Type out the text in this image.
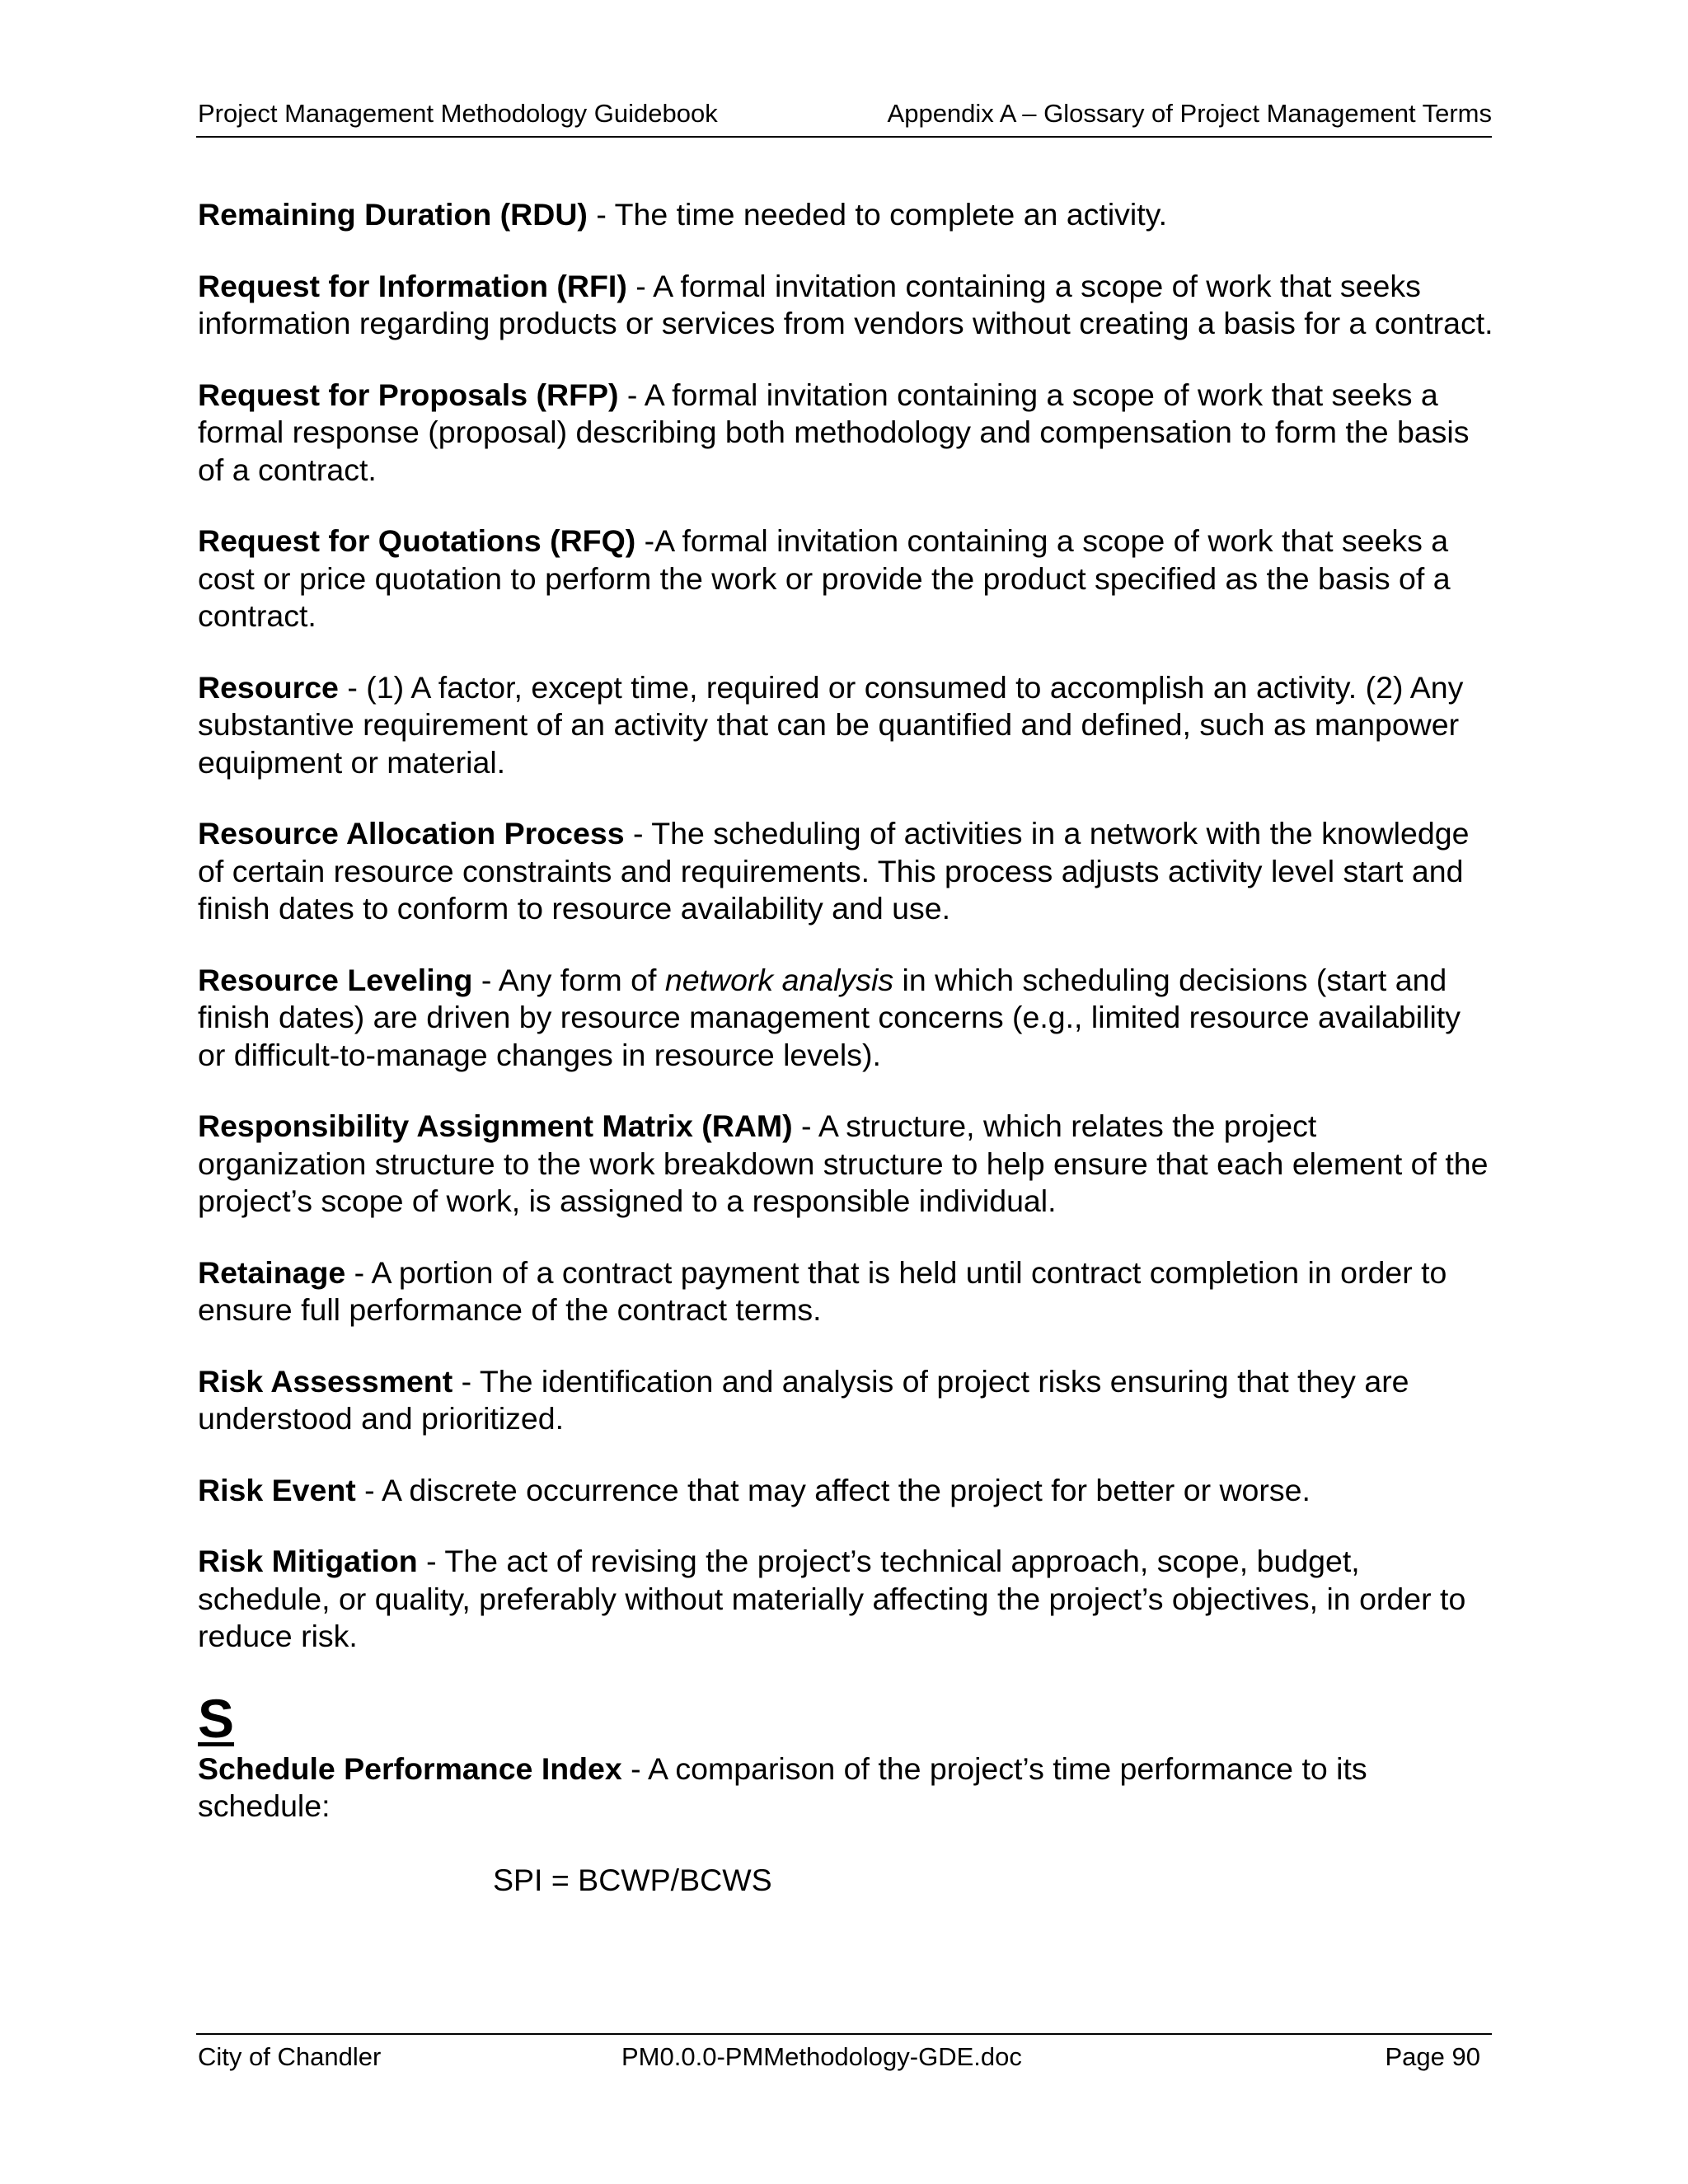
Project Management Methodology Guidebook	Appendix A – Glossary of Project Management Terms

Remaining Duration (RDU) - The time needed to complete an activity.

Request for Information (RFI) - A formal invitation containing a scope of work that seeks information regarding products or services from vendors without creating a basis for a contract.

Request for Proposals (RFP) - A formal invitation containing a scope of work that seeks a formal response (proposal) describing both methodology and compensation to form the basis of a contract.

Request for Quotations (RFQ) -A formal invitation containing a scope of work that seeks a cost or price quotation to perform the work or provide the product specified as the basis of a contract.

Resource - (1) A factor, except time, required or consumed to accomplish an activity. (2) Any substantive requirement of an activity that can be quantified and defined, such as manpower equipment or material.

Resource Allocation Process - The scheduling of activities in a network with the knowledge of certain resource constraints and requirements. This process adjusts activity level start and finish dates to conform to resource availability and use.

Resource Leveling - Any form of network analysis in which scheduling decisions (start and finish dates) are driven by resource management concerns (e.g., limited resource availability or difficult-to-manage changes in resource levels).

Responsibility Assignment Matrix (RAM) - A structure, which relates the project organization structure to the work breakdown structure to help ensure that each element of the project’s scope of work, is assigned to a responsible individual.

Retainage - A portion of a contract payment that is held until contract completion in order to ensure full performance of the contract terms.

Risk Assessment - The identification and analysis of project risks ensuring that they are understood and prioritized.

Risk Event - A discrete occurrence that may affect the project for better or worse.

Risk Mitigation - The act of revising the project’s technical approach, scope, budget, schedule, or quality, preferably without materially affecting the project’s objectives, in order to reduce risk.

S

Schedule Performance Index - A comparison of the project’s time performance to its schedule:

SPI = BCWP/BCWS
City of Chandler	PM0.0.0-PMMethodology-GDE.doc	Page 90
